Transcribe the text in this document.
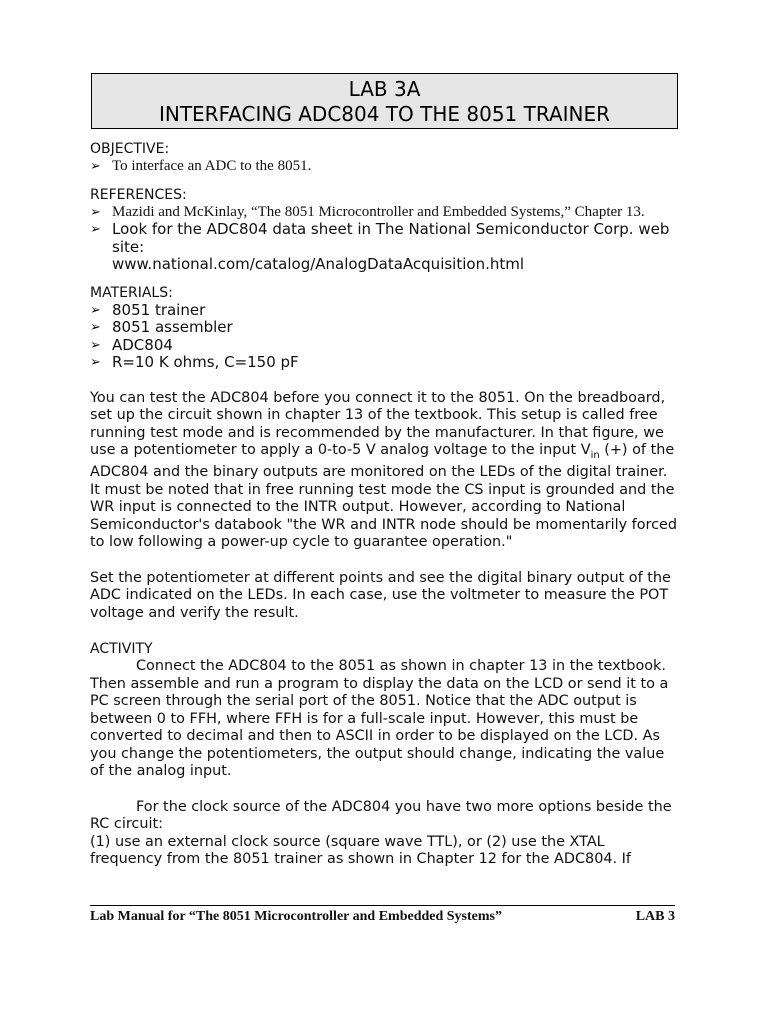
LAB 3A
INTERFACING ADC804 TO THE 8051 TRAINER

OBJECTIVE:

➢ To interface an ADC to the 8051.

REFERENCES:

➢ Mazidi and McKinlay, “The 8051 Microcontroller and Embedded Systems,” Chapter 13.
➢ Look for the ADC804 data sheet in The National Semiconductor Corp. web
site:
www.national.com/catalog/AnalogDataAcquisition.html

MATERIALS:

➢ 8051 trainer
➢ 8051 assembler
➢ ADC804
➢ R=10 K ohms, C=150 pF

You can test the ADC804 before you connect it to the 8051. On the breadboard, set up the circuit shown in chapter 13 of the textbook. This setup is called free running test mode and is recommended by the manufacturer. In that figure, we use a potentiometer to apply a 0-to-5 V analog voltage to the input $V_{in}$ (+) of the ADC804 and the binary outputs are monitored on the LEDs of the digital trainer. It must be noted that in free running test mode the CS input is grounded and the WR input is connected to the INTR output. However, according to National Semiconductor's databook "the WR and INTR node should be momentarily forced to low following a power-up cycle to guarantee operation."

Set the potentiometer at different points and see the digital binary output of the ADC indicated on the LEDs. In each case, use the voltmeter to measure the POT voltage and verify the result.

ACTIVITY

Connect the ADC804 to the 8051 as shown in chapter 13 in the textbook. Then assemble and run a program to display the data on the LCD or send it to a PC screen through the serial port of the 8051. Notice that the ADC output is between 0 to FFH, where FFH is for a full-scale input. However, this must be converted to decimal and then to ASCII in order to be displayed on the LCD. As you change the potentiometers, the output should change, indicating the value of the analog input.

For the clock source of the ADC804 you have two more options beside the RC circuit:

(1) use an external clock source (square wave TTL), or (2) use the XTAL frequency from the 8051 trainer as shown in Chapter 12 for the ADC804. If

Lab Manual for “The 8051 Microcontroller and Embedded Systems”	LAB 3
